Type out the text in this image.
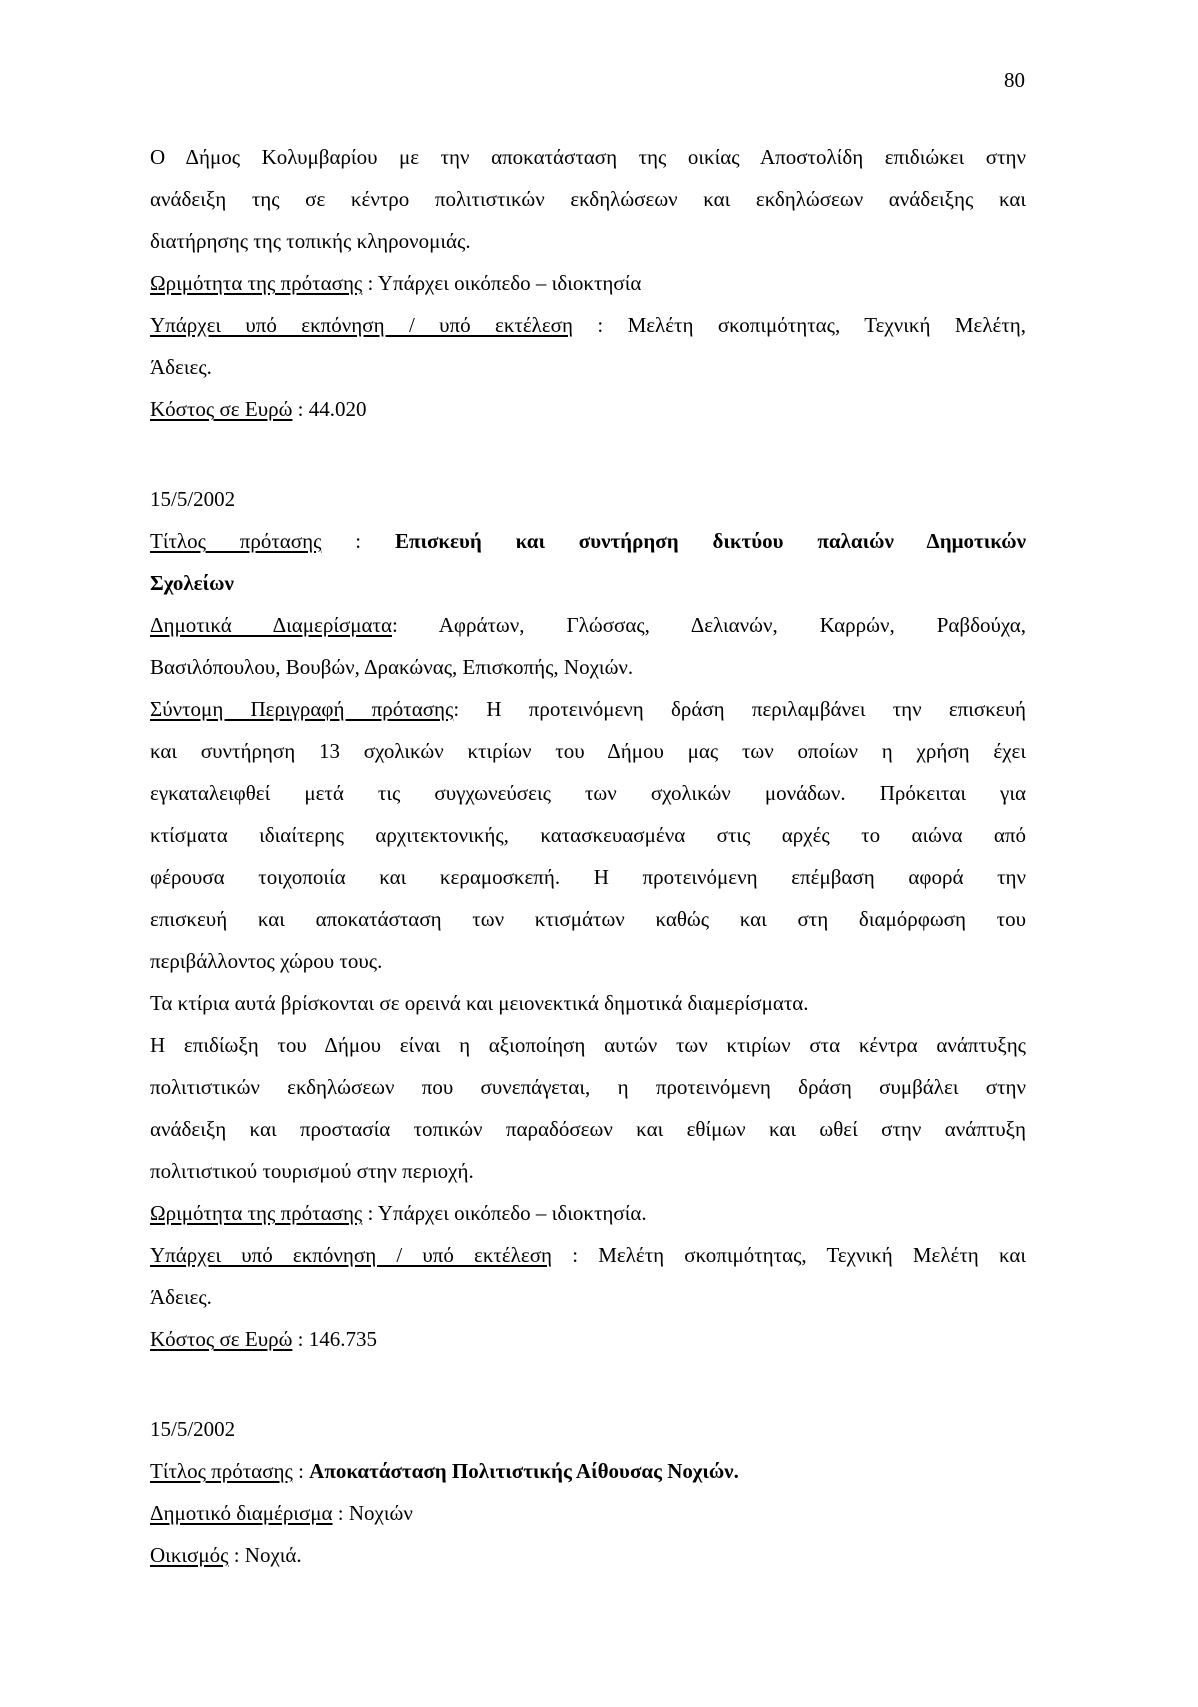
80
Ο Δήμος Κολυμβαρίου με την αποκατάσταση της οικίας Αποστολίδη επιδιώκει στην
ανάδειξη της σε κέντρο πολιτιστικών εκδηλώσεων και εκδηλώσεων ανάδειξης και
διατήρησης της τοπικής κληρονομιάς.
Ωριμότητα της πρότασης : Υπάρχει οικόπεδο – ιδιοκτησία
Υπάρχει υπό εκπόνηση / υπό εκτέλεση : Μελέτη σκοπιμότητας, Τεχνική Μελέτη,
Άδειες.
Κόστος σε Ευρώ : 44.020
15/5/2002
Τίτλος πρότασης : Επισκευή και συντήρηση δικτύου παλαιών Δημοτικών
Σχολείων
Δημοτικά Διαμερίσματα: Αφράτων, Γλώσσας, Δελιανών, Καρρών, Ραβδούχα,
Βασιλόπουλου, Βουβών, Δρακώνας, Επισκοπής, Νοχιών.
Σύντομη Περιγραφή πρότασης: Η προτεινόμενη δράση περιλαμβάνει την επισκευή
και συντήρηση 13 σχολικών κτιρίων του Δήμου μας των οποίων η χρήση έχει
εγκαταλειφθεί μετά τις συγχωνεύσεις των σχολικών μονάδων. Πρόκειται για
κτίσματα ιδιαίτερης αρχιτεκτονικής, κατασκευασμένα στις αρχές το αιώνα από
φέρουσα τοιχοποιία και κεραμοσκεπή. Η προτεινόμενη επέμβαση αφορά την
επισκευή και αποκατάσταση των κτισμάτων καθώς και στη διαμόρφωση του
περιβάλλοντος χώρου τους.
Τα κτίρια αυτά βρίσκονται σε ορεινά και μειονεκτικά δημοτικά διαμερίσματα.
Η επιδίωξη του Δήμου είναι η αξιοποίηση αυτών των κτιρίων στα κέντρα ανάπτυξης
πολιτιστικών εκδηλώσεων που συνεπάγεται, η προτεινόμενη δράση συμβάλει στην
ανάδειξη και προστασία τοπικών παραδόσεων και εθίμων και ωθεί στην ανάπτυξη
πολιτιστικού τουρισμού στην περιοχή.
Ωριμότητα της πρότασης : Υπάρχει οικόπεδο – ιδιοκτησία.
Υπάρχει υπό εκπόνηση / υπό εκτέλεση : Μελέτη σκοπιμότητας, Τεχνική Μελέτη και
Άδειες.
Κόστος σε Ευρώ : 146.735
15/5/2002
Τίτλος πρότασης : Αποκατάσταση Πολιτιστικής Αίθουσας Νοχιών.
Δημοτικό διαμέρισμα : Νοχιών
Οικισμός : Νοχιά.
